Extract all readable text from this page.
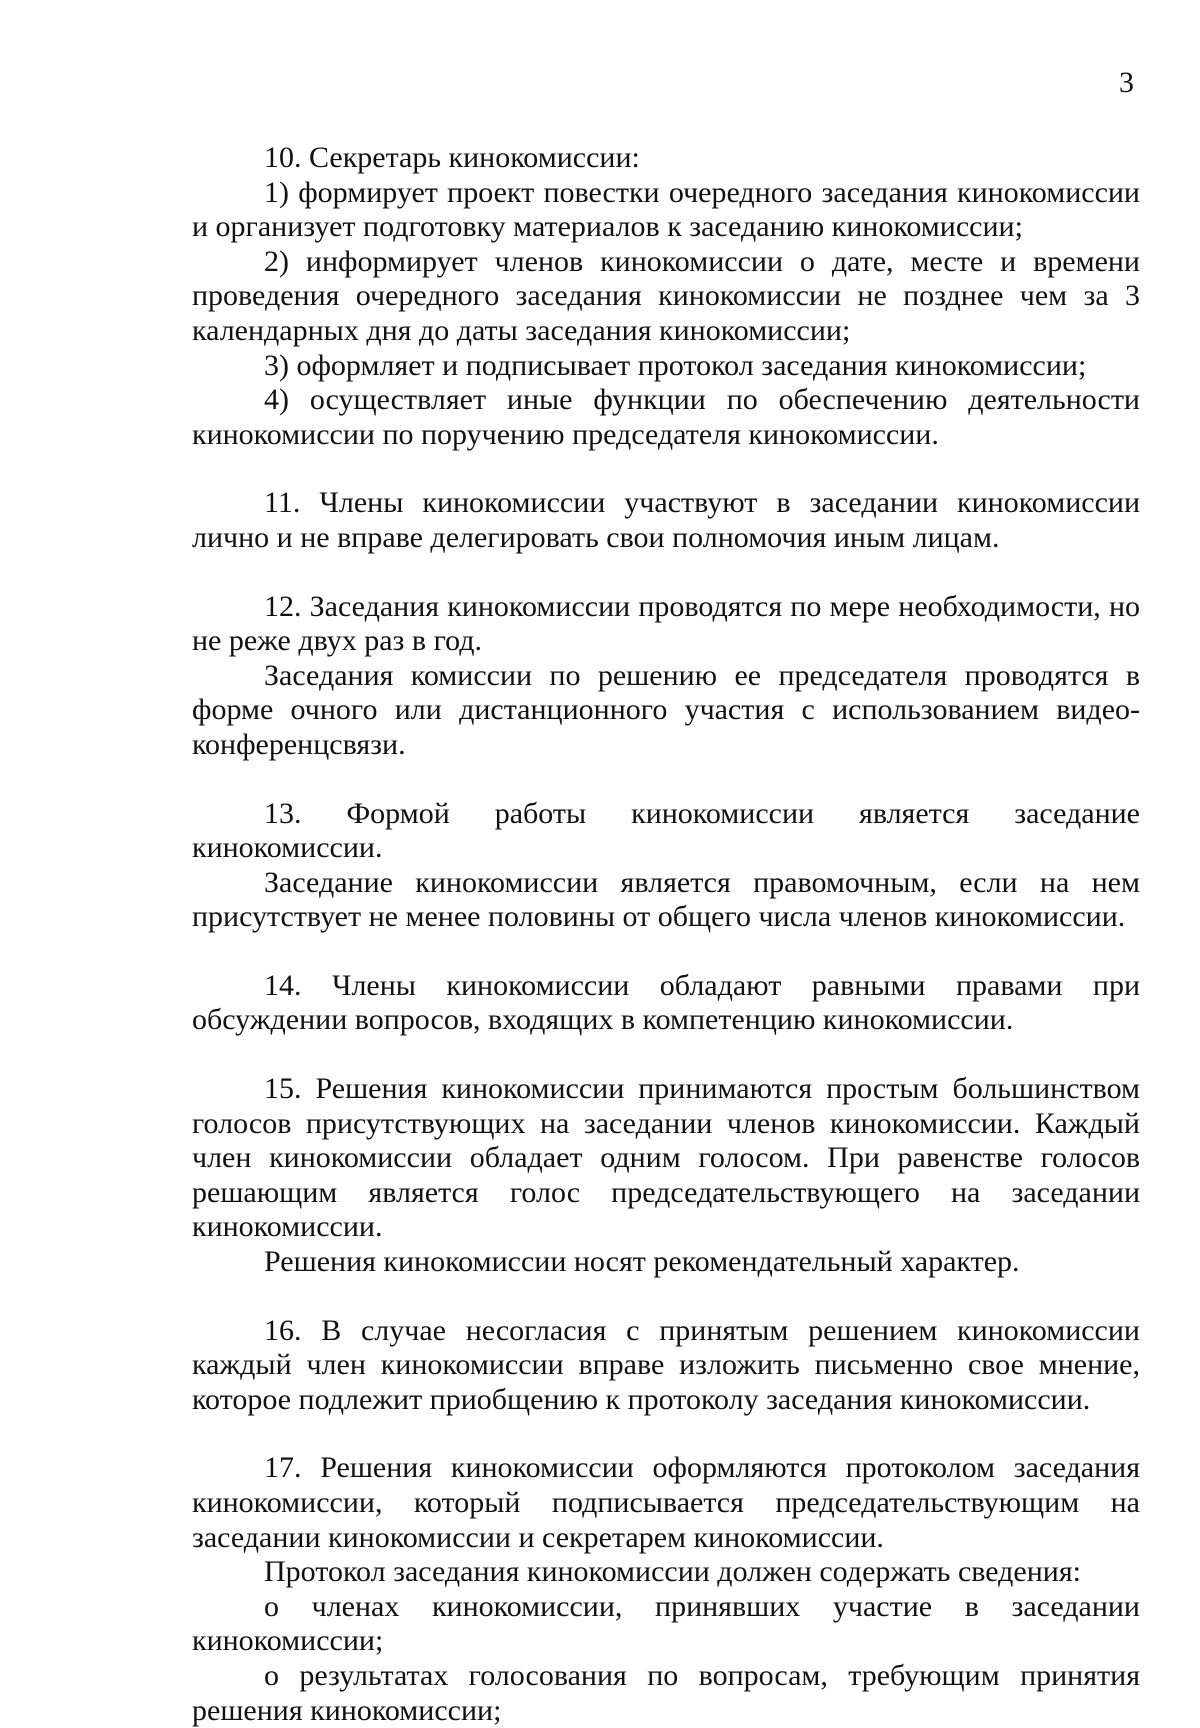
3

10. Секретарь кинокомиссии:

1) формирует проект повестки очередного заседания кинокомиссии и организует подготовку материалов к заседанию кинокомиссии;

2) информирует членов кинокомиссии о дате, месте и времени проведения очередного заседания кинокомиссии не позднее чем за 3 календарных дня до даты заседания кинокомиссии;

3) оформляет и подписывает протокол заседания кинокомиссии;

4) осуществляет иные функции по обеспечению деятельности кинокомиссии по поручению председателя кинокомиссии.

11. Члены кинокомиссии участвуют в заседании кинокомиссии лично и не вправе делегировать свои полномочия иным лицам.

12. Заседания кинокомиссии проводятся по мере необходимости, но не реже двух раз в год.

Заседания комиссии по решению ее председателя проводятся в форме очного или дистанционного участия с использованием видео-конференцсвязи.

13. Формой работы кинокомиссии является заседание кинокомиссии.

Заседание кинокомиссии является правомочным, если на нем присутствует не менее половины от общего числа членов кинокомиссии.

14. Члены кинокомиссии обладают равными правами при обсуждении вопросов, входящих в компетенцию кинокомиссии.

15. Решения кинокомиссии принимаются простым большинством голосов присутствующих на заседании членов кинокомиссии. Каждый член кинокомиссии обладает одним голосом. При равенстве голосов решающим является голос председательствующего на заседании кинокомиссии.

Решения кинокомиссии носят рекомендательный характер.

16. В случае несогласия с принятым решением кинокомиссии каждый член кинокомиссии вправе изложить письменно свое мнение, которое подлежит приобщению к протоколу заседания кинокомиссии.

17. Решения кинокомиссии оформляются протоколом заседания кинокомиссии, который подписывается председательствующим на заседании кинокомиссии и секретарем кинокомиссии.

Протокол заседания кинокомиссии должен содержать сведения:

о членах кинокомиссии, принявших участие в заседании кинокомиссии;

о результатах голосования по вопросам, требующим принятия решения кинокомиссии;
